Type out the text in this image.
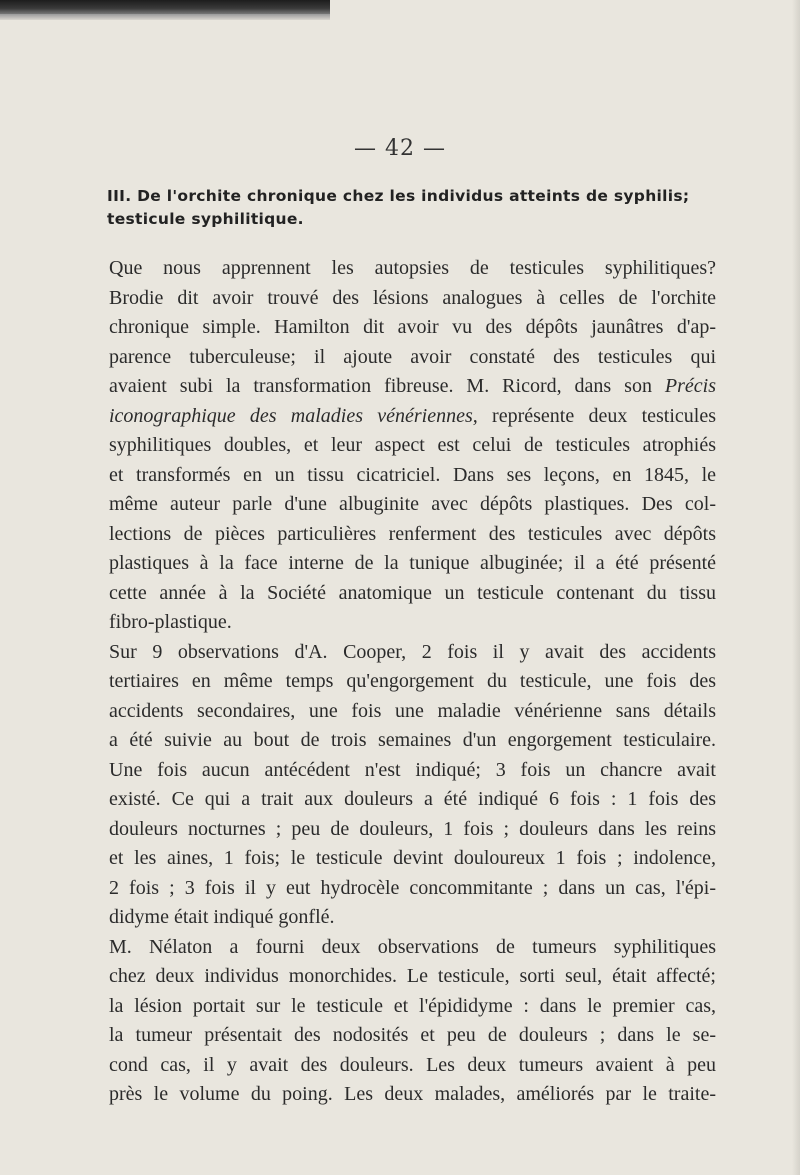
— 42 —
III. De l'orchite chronique chez les individus atteints de syphilis;
testicule syphilitique.

Que nous apprennent les autopsies de testicules syphilitiques?
Brodie dit avoir trouvé des lésions analogues à celles de l'orchite
chronique simple. Hamilton dit avoir vu des dépôts jaunâtres d'ap-
parence tuberculeuse; il ajoute avoir constaté des testicules qui
avaient subi la transformation fibreuse. M. Ricord, dans son Précis
iconographique des maladies vénériennes, représente deux testicules
syphilitiques doubles, et leur aspect est celui de testicules atrophiés
et transformés en un tissu cicatriciel. Dans ses leçons, en 1845, le
même auteur parle d'une albuginite avec dépôts plastiques. Des col-
lections de pièces particulières renferment des testicules avec dépôts
plastiques à la face interne de la tunique albuginée; il a été présenté
cette année à la Société anatomique un testicule contenant du tissu
fibro-plastique.

Sur 9 observations d'A. Cooper, 2 fois il y avait des accidents
tertiaires en même temps qu'engorgement du testicule, une fois des
accidents secondaires, une fois une maladie vénérienne sans détails
a été suivie au bout de trois semaines d'un engorgement testiculaire.
Une fois aucun antécédent n'est indiqué; 3 fois un chancre avait
existé. Ce qui a trait aux douleurs a été indiqué 6 fois : 1 fois des
douleurs nocturnes ; peu de douleurs, 1 fois ; douleurs dans les reins
et les aines, 1 fois; le testicule devint douloureux 1 fois ; indolence,
2 fois ; 3 fois il y eut hydrocèle concommitante ; dans un cas, l'épi-
didyme était indiqué gonflé.

M. Nélaton a fourni deux observations de tumeurs syphilitiques
chez deux individus monorchides. Le testicule, sorti seul, était affecté;
la lésion portait sur le testicule et l'épididyme : dans le premier cas,
la tumeur présentait des nodosités et peu de douleurs ; dans le se-
cond cas, il y avait des douleurs. Les deux tumeurs avaient à peu
près le volume du poing. Les deux malades, améliorés par le traite-
